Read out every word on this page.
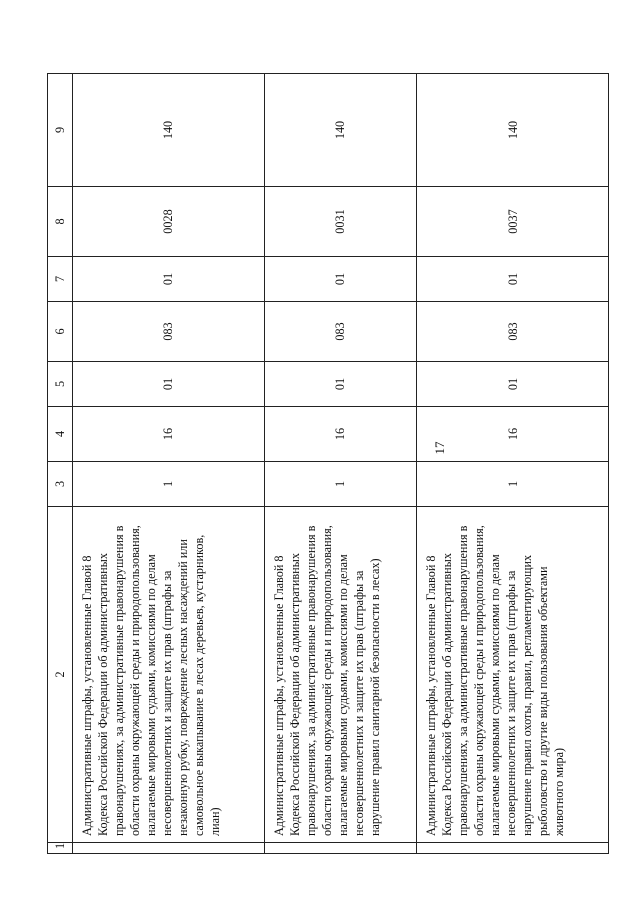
17
1	2	3	4	5	6	7	8	9
	Административные штрафы, установленные Главой 8 Кодекса Российской Федерации об административных правонарушениях, за административные правонарушения в области охраны окружающей среды и природопользования, налагаемые мировыми судьями, комиссиями по делам несовершеннолетних и защите их прав (штрафы за незаконную рубку, повреждение лесных насаждений или самовольное выкапывание в лесах деревьев, кустарников, лиан)	1	16	01	083	01	0028	140
	Административные штрафы, установленные Главой 8 Кодекса Российской Федерации об административных правонарушениях, за административные правонарушения в области охраны окружающей среды и природопользования, налагаемые мировыми судьями, комиссиями по делам несовершеннолетних и защите их прав (штрафы за нарушение правил санитарной безопасности в лесах)	1	16	01	083	01	0031	140
	Административные штрафы, установленные Главой 8 Кодекса Российской Федерации об административных правонарушениях, за административные правонарушения в области охраны окружающей среды и природопользования, налагаемые мировыми судьями, комиссиями по делам несовершеннолетних и защите их прав (штрафы за нарушение правил охоты, правил, регламентирующих рыболовство и другие виды пользования объектами животного мира)	1	16	01	083	01	0037	140
